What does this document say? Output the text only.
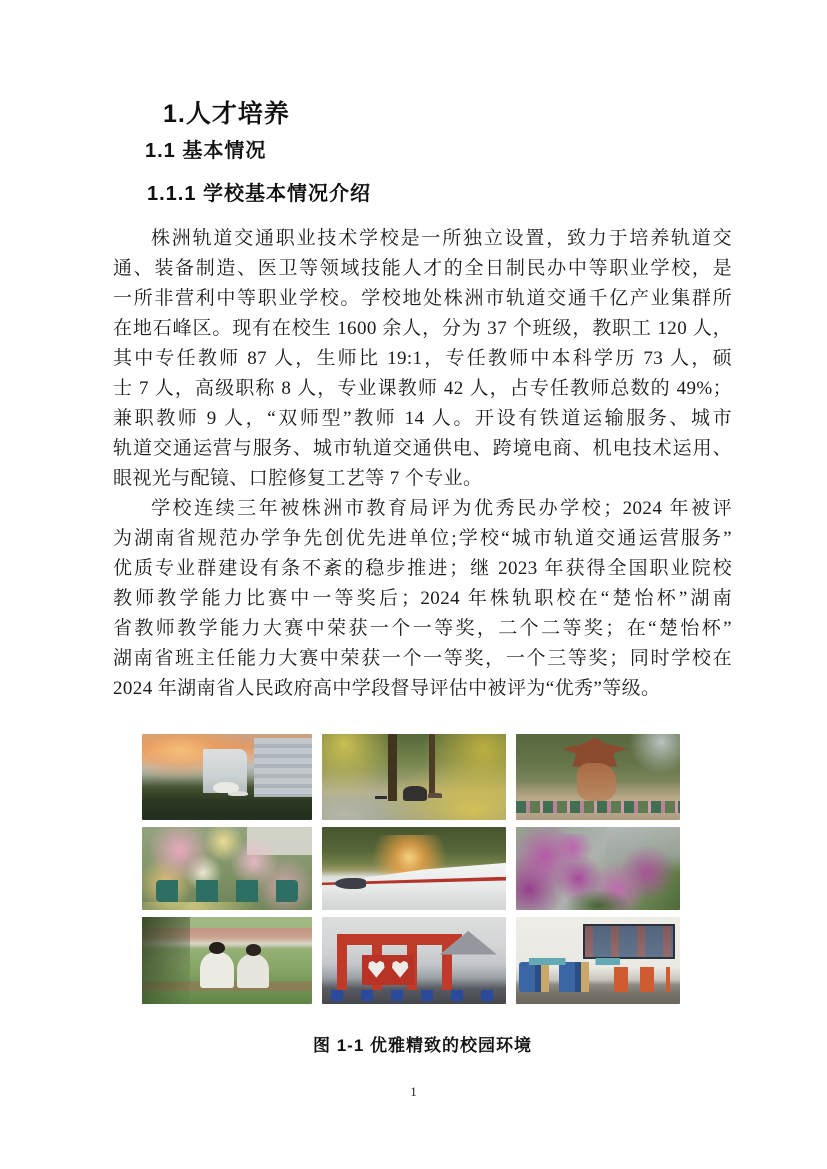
1.人才培养
1.1 基本情况
1.1.1 学校基本情况介绍
株洲轨道交通职业技术学校是一所独立设置，致力于培养轨道交
通、装备制造、医卫等领域技能人才的全日制民办中等职业学校，是
一所非营利中等职业学校。学校地处株洲市轨道交通千亿产业集群所
在地石峰区。现有在校生 1600 余人，分为 37 个班级，教职工 120 人，
其中专任教师 87 人，生师比 19:1，专任教师中本科学历 73 人，硕
士 7 人，高级职称 8 人，专业课教师 42 人，占专任教师总数的 49%；
兼职教师 9 人，“双师型”教师 14 人。开设有铁道运输服务、城市
轨道交通运营与服务、城市轨道交通供电、跨境电商、机电技术运用、
眼视光与配镜、口腔修复工艺等 7 个专业。
学校连续三年被株洲市教育局评为优秀民办学校；2024 年被评
为湖南省规范办学争先创优先进单位;学校“城市轨道交通运营服务”
优质专业群建设有条不紊的稳步推进；继 2023 年获得全国职业院校
教师教学能力比赛中一等奖后；2024 年株轨职校在“楚怡杯”湖南
省教师教学能力大赛中荣获一个一等奖，二个二等奖；在“楚怡杯”
湖南省班主任能力大赛中荣获一个一等奖，一个三等奖；同时学校在
2024 年湖南省人民政府高中学段督导评估中被评为“优秀”等级。
图 1-1 优雅精致的校园环境
1
